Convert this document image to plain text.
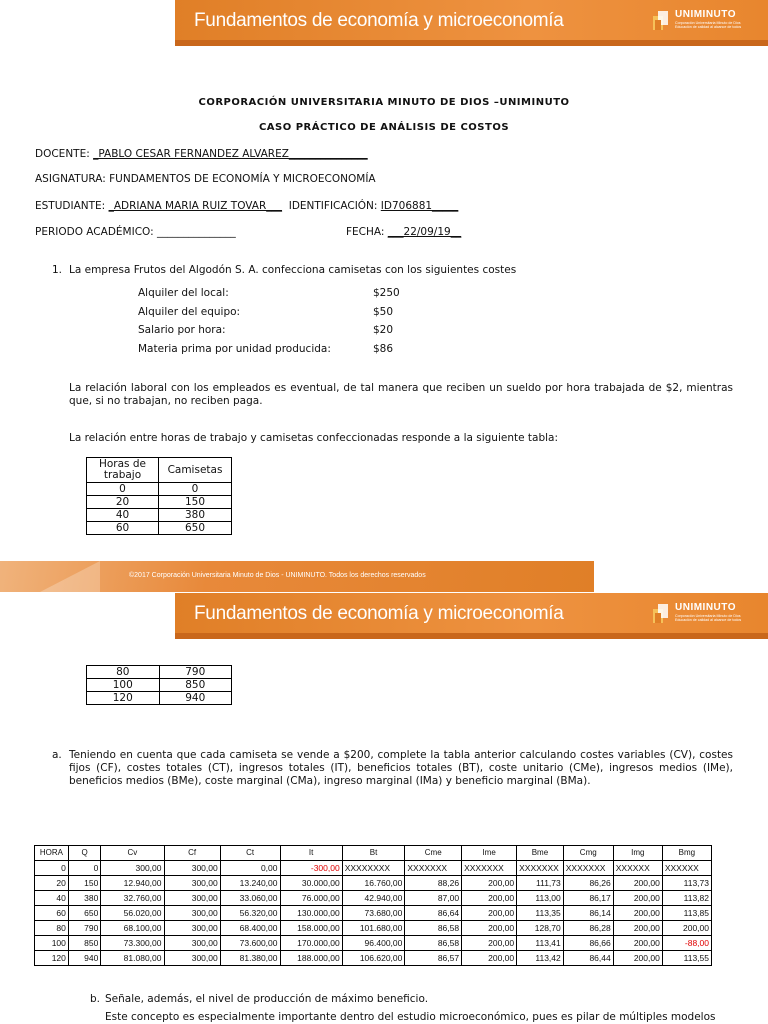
Fundamentos de economía y microeconomía	UNIMINUTO
Corporación Universitaria Minuto de Dios
Educación de calidad al alcance de todos
CORPORACIÓN UNIVERSITARIA MINUTO DE DIOS –UNIMINUTO
CASO PRÁCTICO DE ANÁLISIS DE COSTOS
DOCENTE: _PABLO CESAR FERNANDEZ ALVAREZ_______________
ASIGNATURA: FUNDAMENTOS DE ECONOMÍA Y MICROECONOMÍA
ESTUDIANTE: _ADRIANA MARIA RUIZ TOVAR___ IDENTIFICACIÓN: ID706881_____
PERIODO ACADÉMICO: _______________	FECHA: ___22/09/19__
1. La empresa Frutos del Algodón S. A. confecciona camisetas con los siguientes costes
Alquiler del local:	$250
Alquiler del equipo:	$50
Salario por hora:	$20
Materia prima por unidad producida:	$86
La relación laboral con los empleados es eventual, de tal manera que reciben un sueldo por hora trabajada de $2, mientras que, si no trabajan, no reciben paga.
La relación entre horas de trabajo y camisetas confeccionadas responde a la siguiente tabla:
Horas de trabajo	Camisetas
0	0
20	150
40	380
60	650
©2017 Corporación Universitaria Minuto de Dios - UNIMINUTO. Todos los derechos reservados
Fundamentos de economía y microeconomía	UNIMINUTO
Corporación Universitaria Minuto de Dios
Educación de calidad al alcance de todos
80	790
100	850
120	940
a. Teniendo en cuenta que cada camiseta se vende a $200, complete la tabla anterior calculando costes variables (CV), costes fijos (CF), costes totales (CT), ingresos totales (IT), beneficios totales (BT), coste unitario (CMe), ingresos medios (IMe), beneficios medios (BMe), coste marginal (CMa), ingreso marginal (IMa) y beneficio marginal (BMa).
HORA	Q	Cv	Cf	Ct	It	Bt	Cme	Ime	Bme	Cmg	Img	Bmg
0	0	300,00	300,00	0,00	-300,00	XXXXXXXX	XXXXXXX	XXXXXXX	XXXXXXX	XXXXXXX	XXXXXX	XXXXXX
20	150	12.940,00	300,00	13.240,00	30.000,00	16.760,00	88,26	200,00	111,73	86,26	200,00	113,73
40	380	32.760,00	300,00	33.060,00	76.000,00	42.940,00	87,00	200,00	113,00	86,17	200,00	113,82
60	650	56.020,00	300,00	56.320,00	130.000,00	73.680,00	86,64	200,00	113,35	86,14	200,00	113,85
80	790	68.100,00	300,00	68.400,00	158.000,00	101.680,00	86,58	200,00	128,70	86,28	200,00	200,00
100	850	73.300,00	300,00	73.600,00	170.000,00	96.400,00	86,58	200,00	113,41	86,66	200,00	-88,00
120	940	81.080,00	300,00	81.380,00	188.000,00	106.620,00	86,57	200,00	113,42	86,44	200,00	113,55
b. Señale, además, el nivel de producción de máximo beneficio.
Este concepto es especialmente importante dentro del estudio microeconómico, pues es pilar de múltiples modelos
